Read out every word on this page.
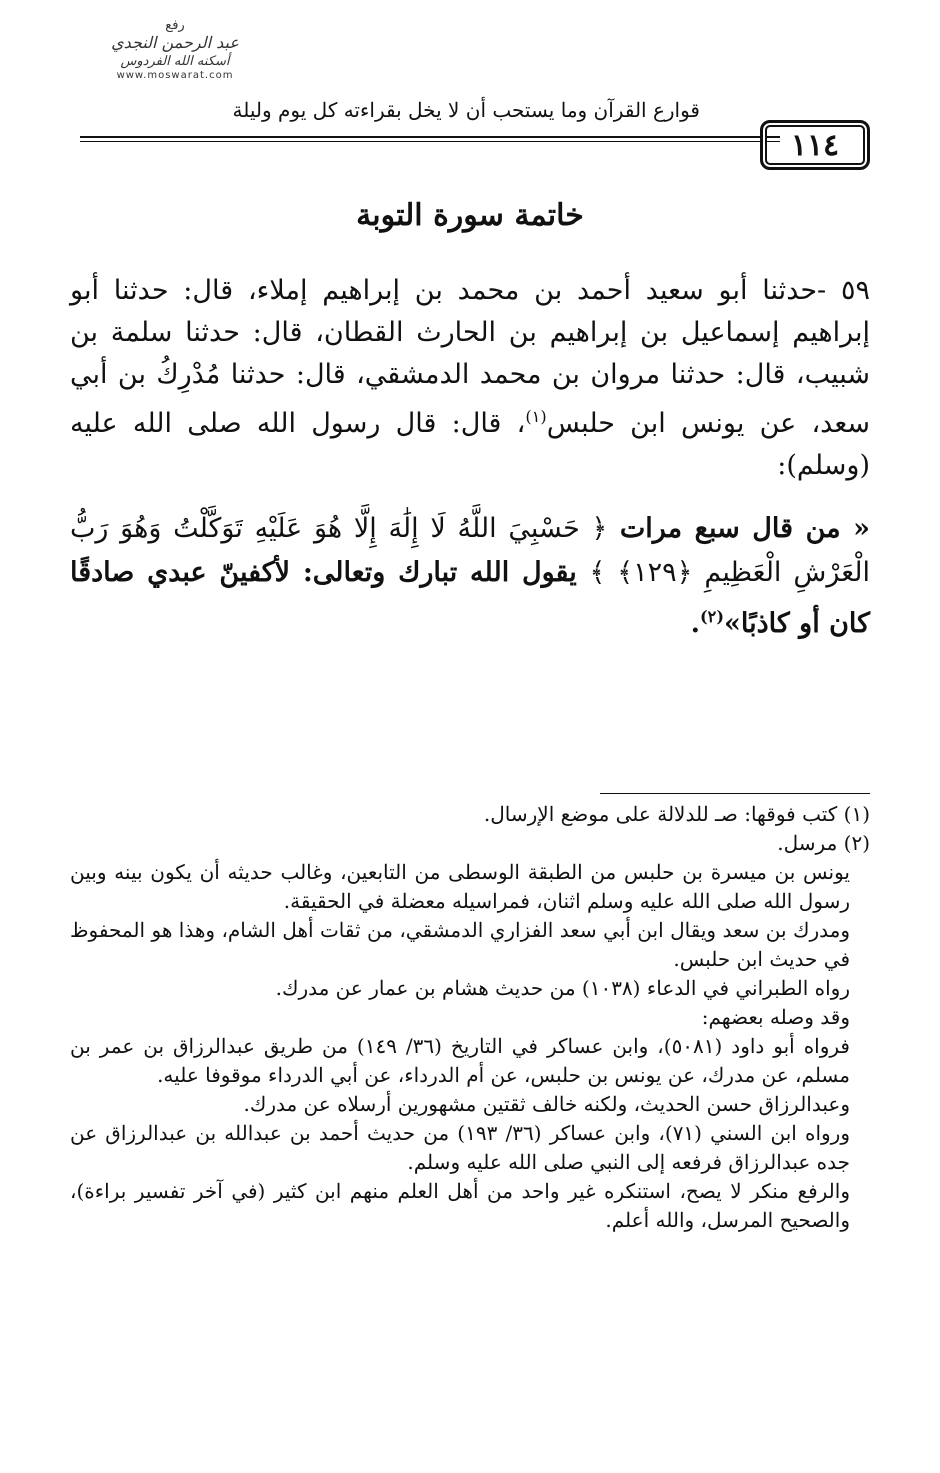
رفع
عبد الرحمن النجدي
أسكنه الله الفردوس
www.moswarat.com
قوارع القرآن وما يستحب أن لا يخل بقراءته كل يوم وليلة
١١٤
خاتمة سورة التوبة

٥٩ -حدثنا أبو سعيد أحمد بن محمد بن إبراهيم إملاء، قال: حدثنا أبو إبراهيم إسماعيل بن إبراهيم بن الحارث القطان، قال: حدثنا سلمة بن شبيب، قال: حدثنا مروان بن محمد الدمشقي، قال: حدثنا مُدْرِكُ بن أبي سعد، عن يونس ابن حلبس$^{(١)}$، قال: قال رسول الله صلى الله عليه (وسلم):

« من قال سبع مرات ﴿ حَسْبِيَ اللَّهُ لَا إِلَٰهَ إِلَّا هُوَ عَلَيْهِ تَوَكَّلْتُ وَهُوَ رَبُّ الْعَرْشِ الْعَظِيمِ ﴿١٢٩﴾ ﴾ يقول الله تبارك وتعالى: لأكفينّ عبدي صادقًا كان أو كاذبًا»$^{(٢)}$.

(١) كتب فوقها: صـ للدلالة على موضع الإرسال.

(٢) مرسل.

يونس بن ميسرة بن حلبس من الطبقة الوسطى من التابعين، وغالب حديثه أن يكون بينه وبين رسول الله صلى الله عليه وسلم اثنان، فمراسيله معضلة في الحقيقة.

ومدرك بن سعد ويقال ابن أبي سعد الفزاري الدمشقي، من ثقات أهل الشام، وهذا هو المحفوظ في حديث ابن حلبس.

رواه الطبراني في الدعاء (١٠٣٨) من حديث هشام بن عمار عن مدرك.

وقد وصله بعضهم:

فرواه أبو داود (٥٠٨١)، وابن عساكر في التاريخ (٣٦/ ١٤٩) من طريق عبدالرزاق بن عمر بن مسلم، عن مدرك، عن يونس بن حلبس، عن أم الدرداء، عن أبي الدرداء موقوفا عليه.

وعبدالرزاق حسن الحديث، ولكنه خالف ثقتين مشهورين أرسلاه عن مدرك.

ورواه ابن السني (٧١)، وابن عساكر (٣٦/ ١٩٣) من حديث أحمد بن عبدالله بن عبدالرزاق عن جده عبدالرزاق فرفعه إلى النبي صلى الله عليه وسلم.

والرفع منكر لا يصح، استنكره غير واحد من أهل العلم منهم ابن كثير (في آخر تفسير براءة)، والصحيح المرسل، والله أعلم.
